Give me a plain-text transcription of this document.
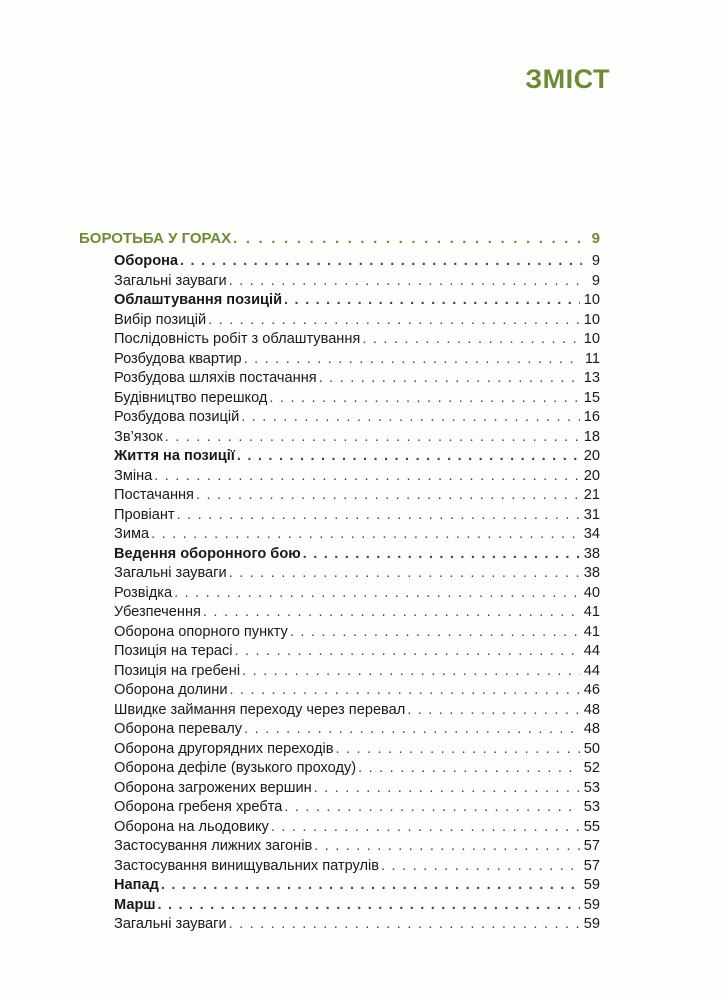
ЗМІСТ
БОРОТЬБА У ГОРАХ . . .	9
Оборона . . .	9
Загальні зауваги . . .	9
Облаштування позицій . . .	10
Вибір позицій . . .	10
Послідовність робіт з облаштування . . .	10
Розбудова квартир . . .	11
Розбудова шляхів постачання . . .	13
Будівництво перешкод . . .	15
Розбудова позицій . . .	16
Зв’язок . . .	18
Життя на позиції . . .	20
Зміна . . .	20
Постачання . . .	21
Провіант . . .	31
Зима . . .	34
Ведення оборонного бою . . .	38
Загальні зауваги . . .	38
Розвідка . . .	40
Убезпечення . . .	41
Оборона опорного пункту . . .	41
Позиція на терасі . . .	44
Позиція на гребені . . .	44
Оборона долини . . .	46
Швидке займання переходу через перевал . . .	48
Оборона перевалу . . .	48
Оборона другорядних переходів . . .	50
Оборона дефіле (вузького проходу) . . .	52
Оборона загрожених вершин . . .	53
Оборона гребеня хребта . . .	53
Оборона на льодовику . . .	55
Застосування лижних загонів . . .	57
Застосування винищувальних патрулів . . .	57
Напад . . .	59
Марш . . .	59
Загальні зауваги . . .	59
